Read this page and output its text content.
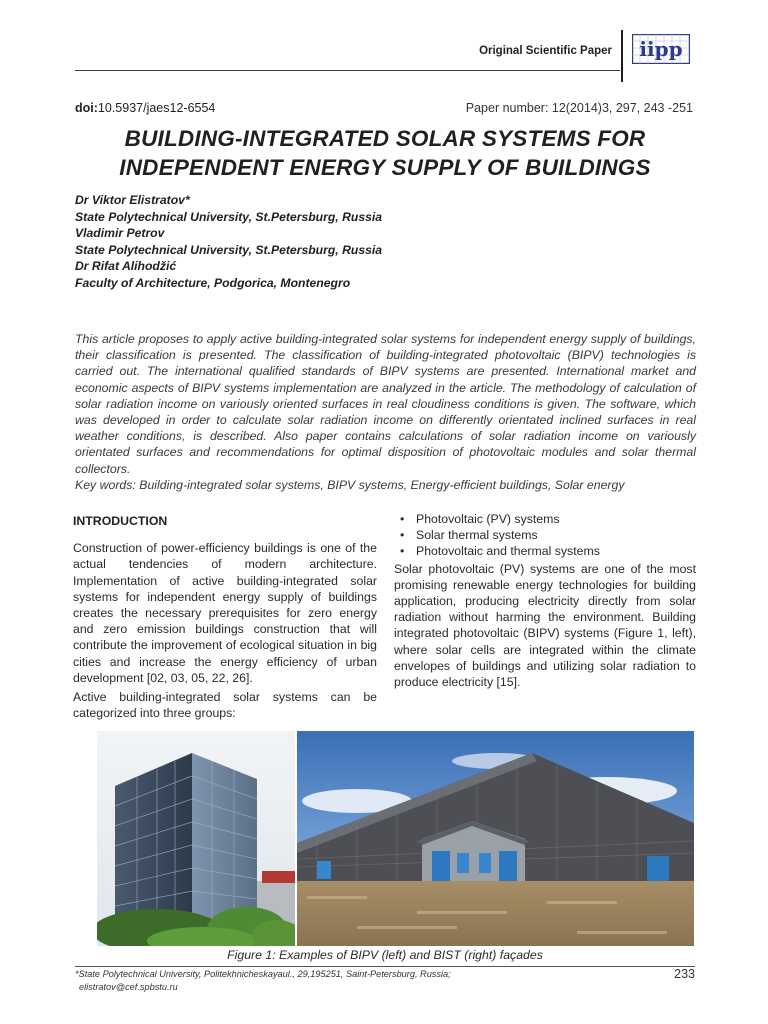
Original Scientific Paper iipp
doi:10.5937/jaes12-6554	Paper number: 12(2014)3, 297, 243 -251
BUILDING-INTEGRATED SOLAR SYSTEMS FOR
INDEPENDENT ENERGY SUPPLY OF BUILDINGS
Dr Viktor Elistratov*
State Polytechnical University, St.Petersburg, Russia
Vladimir Petrov
State Polytechnical University, St.Petersburg, Russia
Dr Rifat Alihodžić
Faculty of Architecture, Podgorica, Montenegro
This article proposes to apply active building-integrated solar systems for independent energy supply of buildings, their classification is presented. The classification of building-integrated photovoltaic (BIPV) technologies is carried out. The international qualified standards of BIPV systems are presented. International market and economic aspects of BIPV systems implementation are analyzed in the article. The methodology of calculation of solar radiation income on variously oriented surfaces in real cloudiness conditions is given. The software, which was developed in order to calculate solar radiation income on differently orientated inclined surfaces in real weather conditions, is described. Also paper contains calculations of solar radiation income on variously orientated surfaces and recommendations for optimal disposition of photovoltaic modules and solar thermal collectors.
Key words: Building-integrated solar systems, BIPV systems, Energy-efficient buildings, Solar energy
INTRODUCTION

Construction of power-efficiency buildings is one of the actual tendencies of modern architecture. Implementation of active building-integrated solar systems for independent energy supply of buildings creates the necessary prerequisites for zero energy and zero emission buildings construction that will contribute the improvement of ecological situation in big cities and increase the energy efficiency of urban development [02, 03, 05, 22, 26].

Active building-integrated solar systems can be categorized into three groups:

• Photovoltaic (PV) systems
• Solar thermal systems
• Photovoltaic and thermal systems

Solar photovoltaic (PV) systems are one of the most promising renewable energy technologies for building application, producing electricity directly from solar radiation without harming the environment. Building integrated photovoltaic (BIPV) systems (Figure 1, left), where solar cells are integrated within the climate envelopes of buildings and utilizing solar radiation to produce electricity [15].

Figure 1: Examples of BIPV (left) and BIST (right) façades
*State Polytechnical University, Politekhnicheskayaul., 29,195251, Saint-Petersburg, Russia;
elistratov@cef.spbstu.ru
233
